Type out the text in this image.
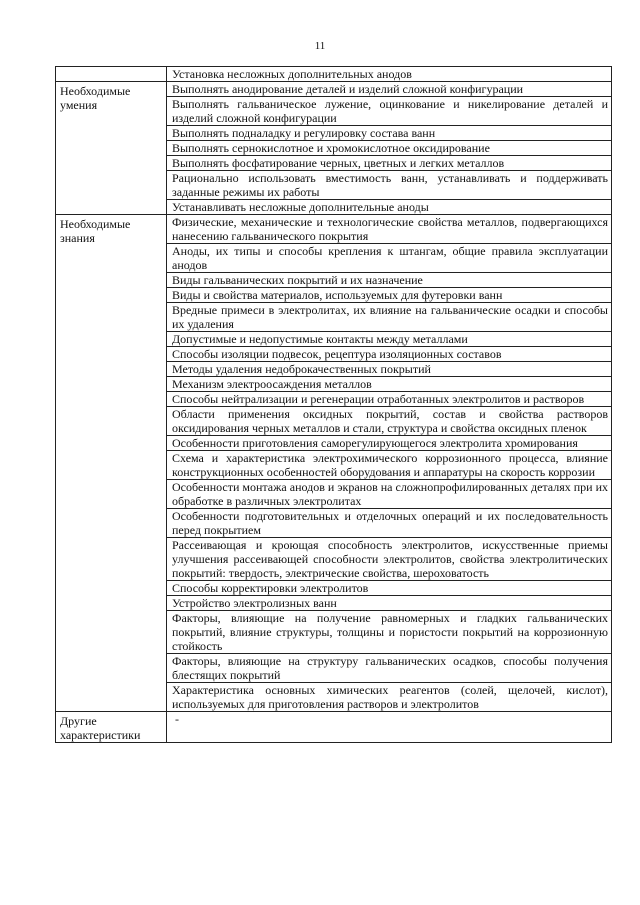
11
	Установка несложных дополнительных анодов
Необходимые умения	Выполнять анодирование деталей и изделий сложной конфигурации
	Выполнять гальваническое лужение, оцинкование и никелирование деталей и изделий сложной конфигурации
	Выполнять подналадку и регулировку состава ванн
	Выполнять сернокислотное и хромокислотное оксидирование
	Выполнять фосфатирование черных, цветных и легких металлов
	Рационально использовать вместимость ванн, устанавливать и поддерживать заданные режимы их работы
	Устанавливать несложные дополнительные аноды
Необходимые знания	Физические, механические и технологические свойства металлов, подвергающихся нанесению гальванического покрытия
	Аноды, их типы и способы крепления к штангам, общие правила эксплуатации анодов
	Виды гальванических покрытий и их назначение
	Виды и свойства материалов, используемых для футеровки ванн
	Вредные примеси в электролитах, их влияние на гальванические осадки и способы их удаления
	Допустимые и недопустимые контакты между металлами
	Способы изоляции подвесок, рецептура изоляционных составов
	Методы удаления недоброкачественных покрытий
	Механизм электроосаждения металлов
	Способы нейтрализации и регенерации отработанных электролитов и растворов
	Области применения оксидных покрытий, состав и свойства растворов оксидирования черных металлов и стали, структура и свойства оксидных пленок
	Особенности приготовления саморегулирующегося электролита хромирования
	Схема и характеристика электрохимического коррозионного процесса, влияние конструкционных особенностей оборудования и аппаратуры на скорость коррозии
	Особенности монтажа анодов и экранов на сложнопрофилированных деталях при их обработке в различных электролитах
	Особенности подготовительных и отделочных операций и их последовательность перед покрытием
	Рассеивающая и кроющая способность электролитов, искусственные приемы улучшения рассеивающей способности электролитов, свойства электролитических покрытий: твердость, электрические свойства, шероховатость
	Способы корректировки электролитов
	Устройство электролизных ванн
	Факторы, влияющие на получение равномерных и гладких гальванических покрытий, влияние структуры, толщины и пористости покрытий на коррозионную стойкость
	Факторы, влияющие на структуру гальванических осадков, способы получения блестящих покрытий
	Характеристика основных химических реагентов (солей, щелочей, кислот), используемых для приготовления растворов и электролитов
Другие характеристики	-
